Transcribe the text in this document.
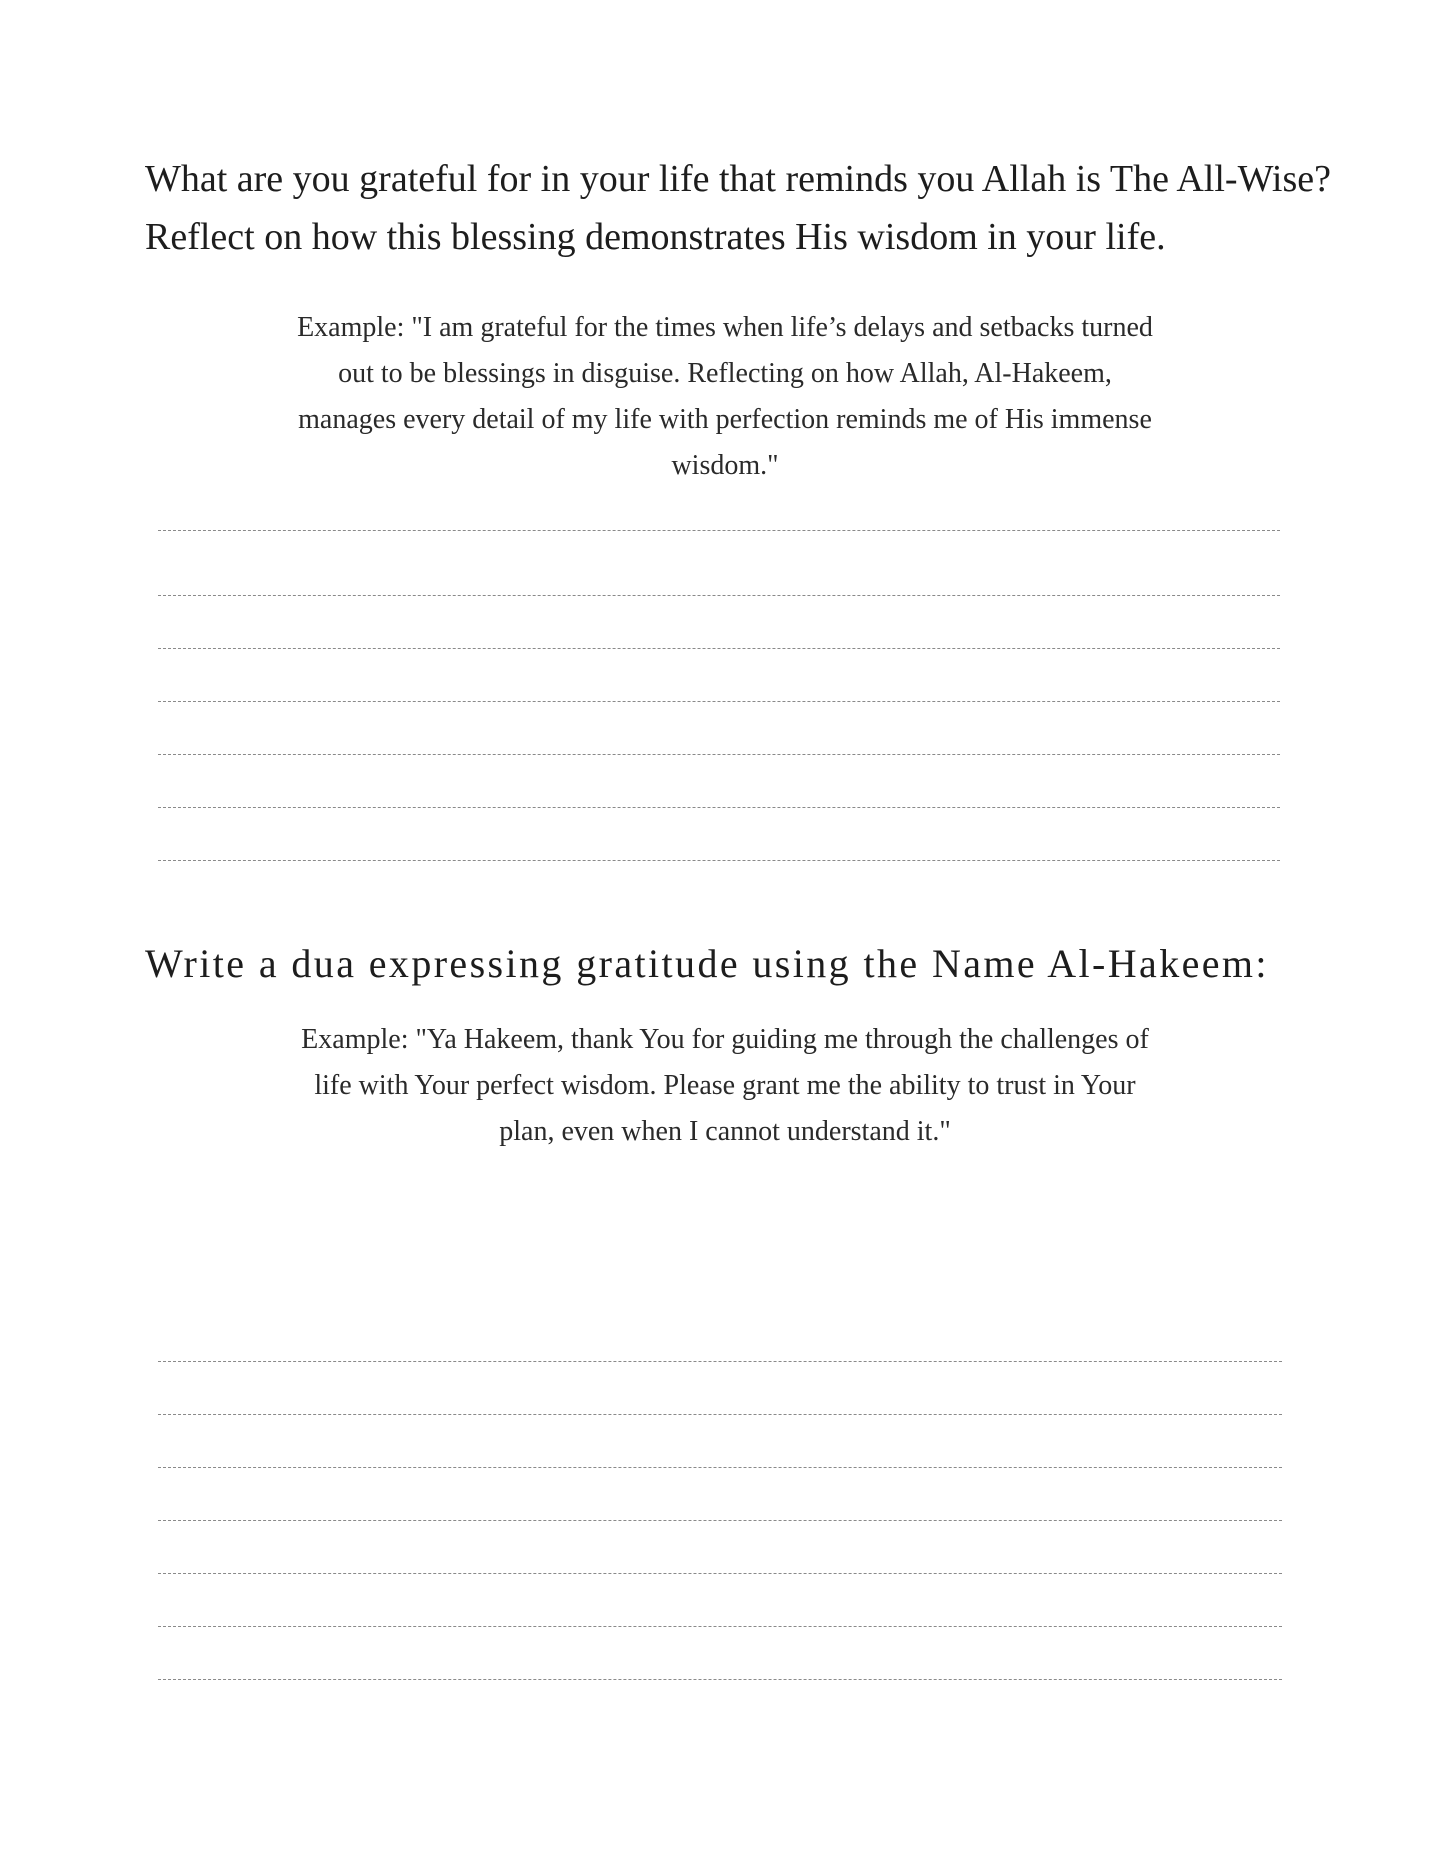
What are you grateful for in your life that reminds you Allah is The All-Wise?
Reflect on how this blessing demonstrates His wisdom in your life.
Example: "I am grateful for the times when life’s delays and setbacks turned
out to be blessings in disguise. Reflecting on how Allah, Al-Hakeem,
manages every detail of my life with perfection reminds me of His immense
wisdom."
Write a dua expressing gratitude using the Name Al-Hakeem:
Example: "Ya Hakeem, thank You for guiding me through the challenges of
life with Your perfect wisdom. Please grant me the ability to trust in Your
plan, even when I cannot understand it."
